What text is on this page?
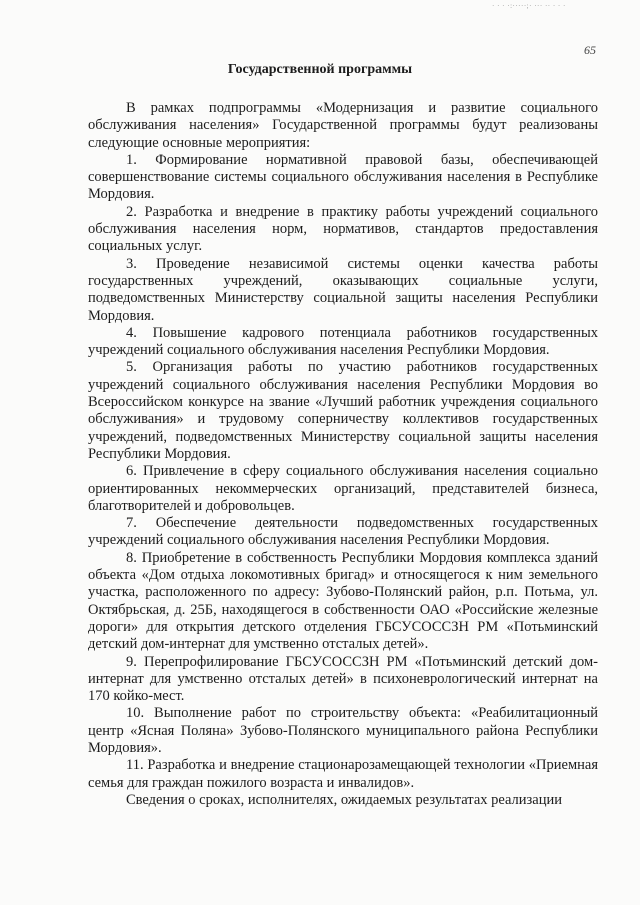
· · · ·:·····;· ··· ·· · · ·
65
Государственной программы

В рамках подпрограммы «Модернизация и развитие социального обслуживания населения» Государственной программы будут реализованы следующие основные мероприятия:

1. Формирование нормативной правовой базы, обеспечивающей совершенствование системы социального обслуживания населения в Республике Мордовия.

2. Разработка и внедрение в практику работы учреждений социального обслуживания населения норм, нормативов, стандартов предоставления социальных услуг.

3. Проведение независимой системы оценки качества работы государственных учреждений, оказывающих социальные услуги, подведомственных Министерству социальной защиты населения Республики Мордовия.

4. Повышение кадрового потенциала работников государственных учреждений социального обслуживания населения Республики Мордовия.

5. Организация работы по участию работников государственных учреждений социального обслуживания населения Республики Мордовия во Всероссийском конкурсе на звание «Лучший работник учреждения социального обслуживания» и трудовому соперничеству коллективов государственных учреждений, подведомственных Министерству социальной защиты населения Республики Мордовия.

6. Привлечение в сферу социального обслуживания населения социально ориентированных некоммерческих организаций, представителей бизнеса, благотворителей и добровольцев.

7. Обеспечение деятельности подведомственных государственных учреждений социального обслуживания населения Республики Мордовия.

8. Приобретение в собственность Республики Мордовия комплекса зданий объекта «Дом отдыха локомотивных бригад» и относящегося к ним земельного участка, расположенного по адресу: Зубово-Полянский район, р.п. Потьма, ул. Октябрьская, д. 25Б, находящегося в собственности ОАО «Российские железные дороги» для открытия детского отделения ГБСУСОССЗН РМ «Потьминский детский дом-интернат для умственно отсталых детей».

9. Перепрофилирование ГБСУСОССЗН РМ «Потьминский детский дом-интернат для умственно отсталых детей» в психоневрологический интернат на 170 койко-мест.

10. Выполнение работ по строительству объекта: «Реабилитационный центр «Ясная Поляна» Зубово-Полянского муниципального района Республики Мордовия».

11. Разработка и внедрение стационарозамещающей технологии «Приемная семья для граждан пожилого возраста и инвалидов».

Сведения о сроках, исполнителях, ожидаемых результатах реализации
